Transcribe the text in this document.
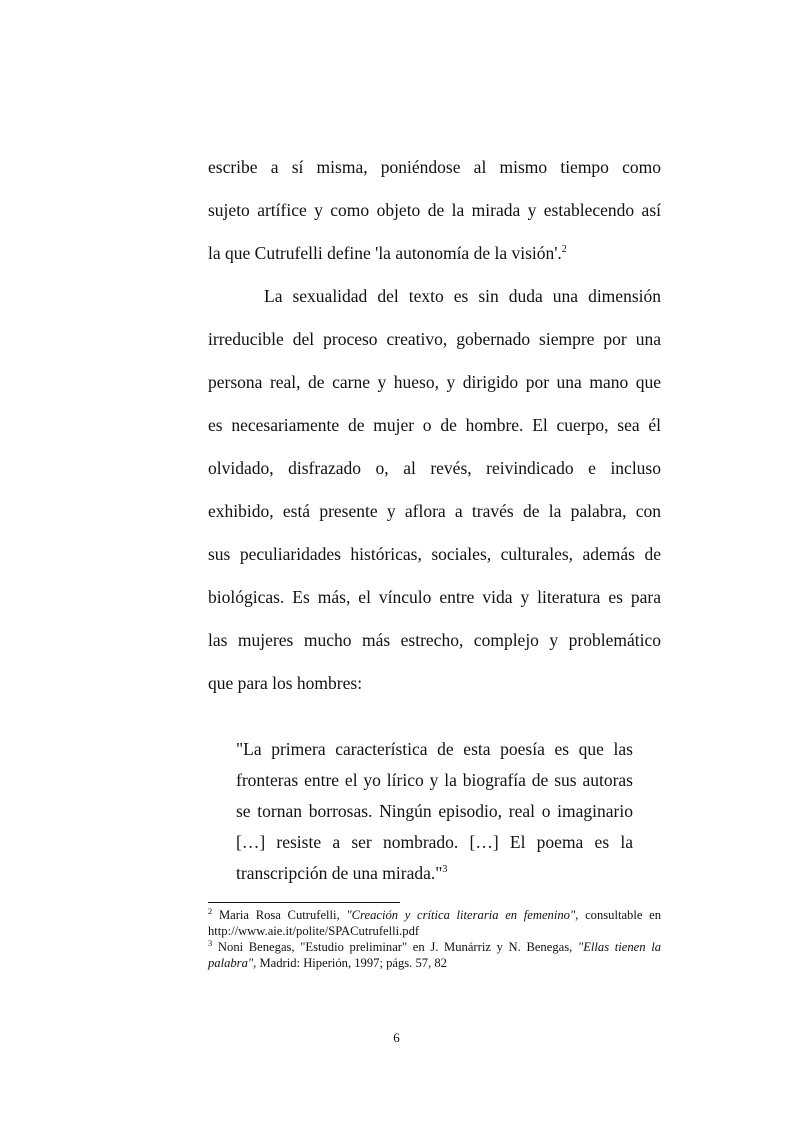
escribe a sí misma, poniéndose al mismo tiempo como
sujeto artífice y como objeto de la mirada y establecendo así
la que Cutrufelli define 'la autonomía de la visión'.$^2$

La sexualidad del texto es sin duda una dimensión
irreducible del proceso creativo, gobernado siempre por una
persona real, de carne y hueso, y dirigido por una mano que
es necesariamente de mujer o de hombre. El cuerpo, sea él
olvidado, disfrazado o, al revés, reivindicado e incluso
exhibido, está presente y aflora a través de la palabra, con
sus peculiaridades históricas, sociales, culturales, además de
biológicas. Es más, el vínculo entre vida y literatura es para
las mujeres mucho más estrecho, complejo y problemático
que para los hombres:

"La primera característica de esta poesía es que las
fronteras entre el yo lírico y la biografía de sus autoras
se tornan borrosas. Ningún episodio, real o imaginario
[…] resiste a ser nombrado. […] El poema es la
transcripción de una mirada."$^3$

$^2$ Maria Rosa Cutrufelli, "Creación y crítica literaria en femenino", consultable en http://www.aie.it/polite/SPACutrufelli.pdf

$^3$ Noni Benegas, "Estudio preliminar" en J. Munárriz y N. Benegas, "Ellas tienen la palabra", Madrid: Hiperión, 1997; págs. 57, 82

6
